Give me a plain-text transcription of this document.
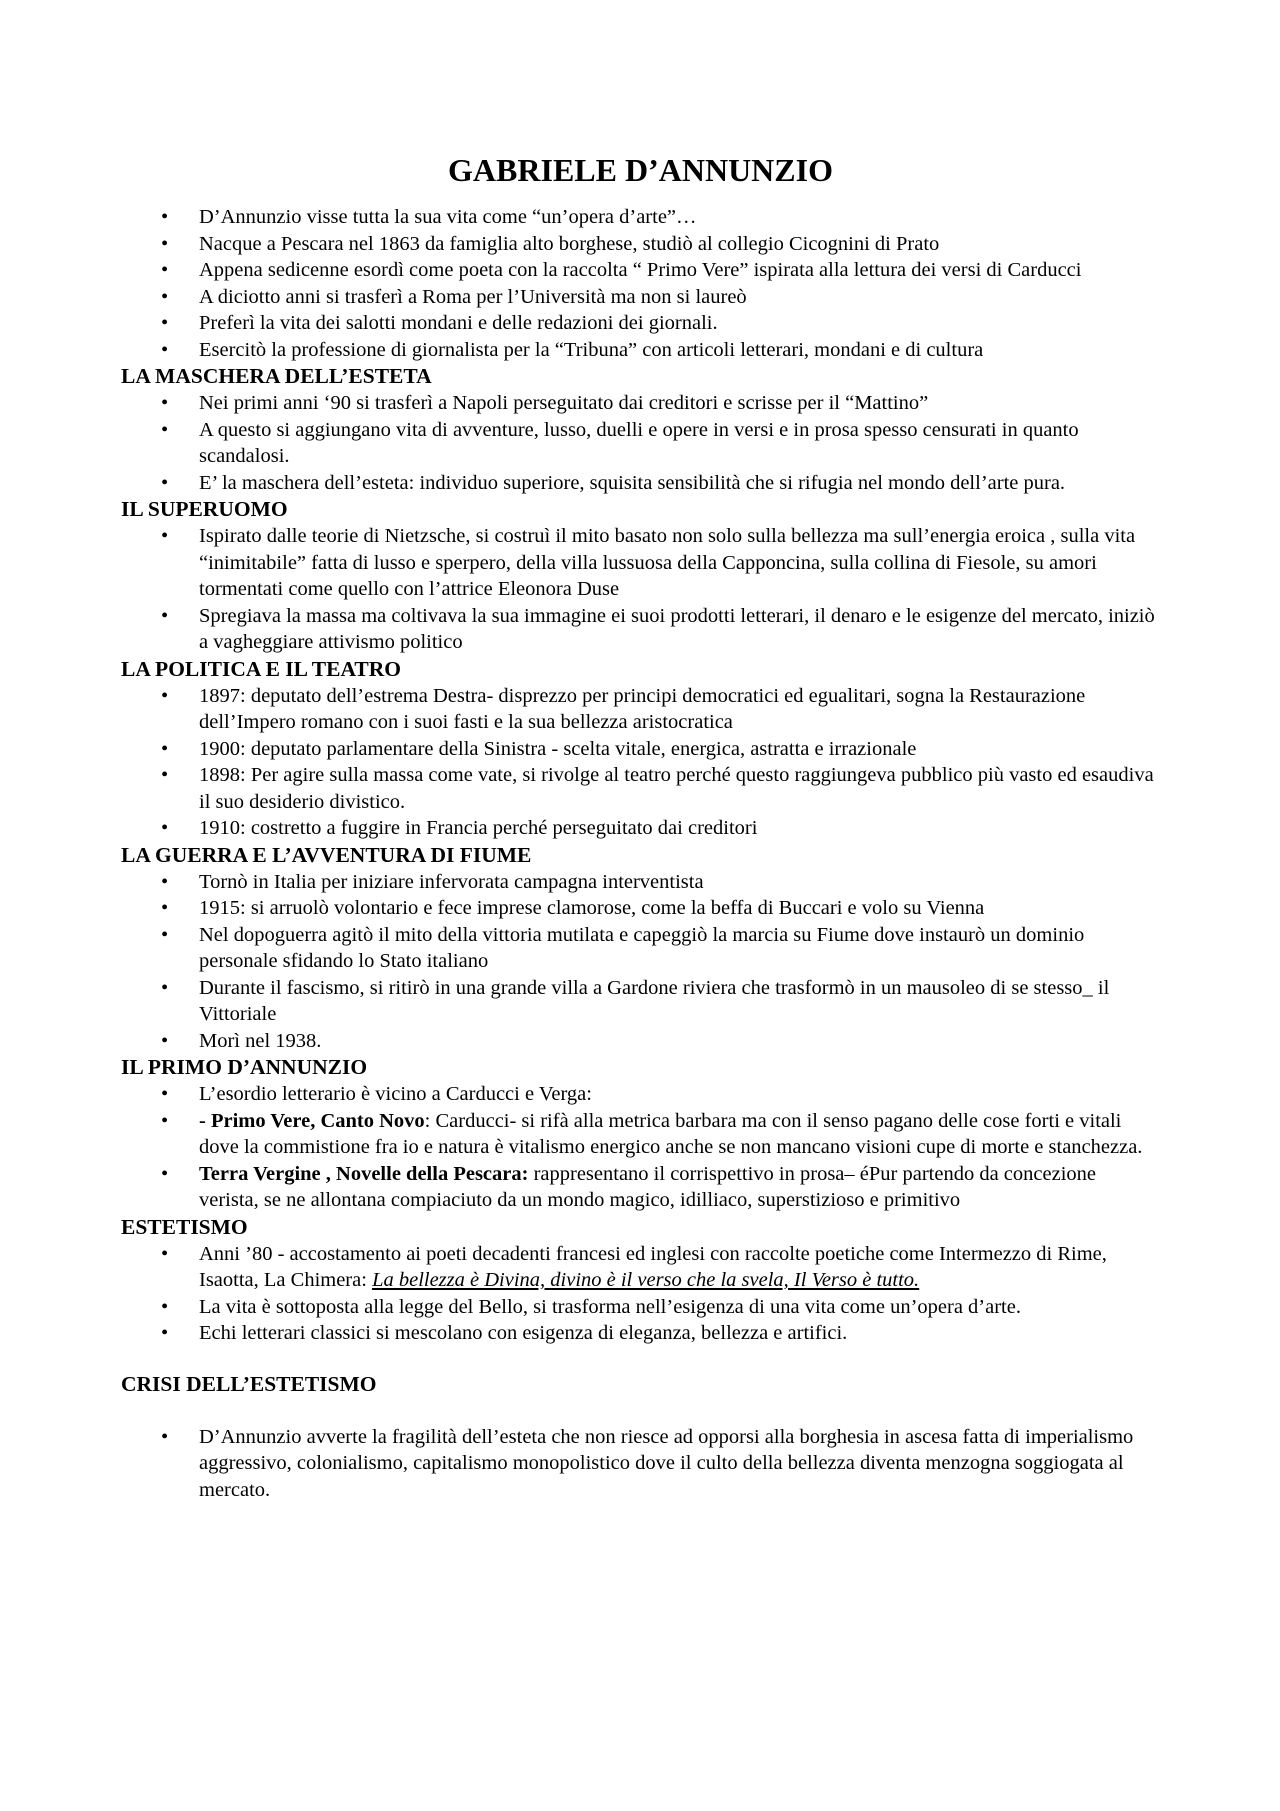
GABRIELE D’ANNUNZIO
• D’Annunzio visse tutta la sua vita come “un’opera d’arte”…
• Nacque a Pescara nel 1863 da famiglia alto borghese, studiò al collegio Cicognini di Prato
• Appena sedicenne esordì come poeta con la raccolta “ Primo Vere” ispirata alla lettura dei versi di Carducci
• A diciotto anni si trasferì a Roma per l’Università ma non si laureò
• Preferì la vita dei salotti mondani e delle redazioni dei giornali.
• Esercitò la professione di giornalista per la “Tribuna” con articoli letterari, mondani e di cultura
LA MASCHERA DELL’ESTETA
• Nei primi anni ‘90 si trasferì a Napoli perseguitato dai creditori e scrisse per il “Mattino”
• A questo si aggiungano vita di avventure, lusso, duelli e opere in versi e in prosa spesso censurati in quanto scandalosi.
• E’ la maschera dell’esteta: individuo superiore, squisita sensibilità che si rifugia nel mondo dell’arte pura.
IL SUPERUOMO
• Ispirato dalle teorie di Nietzsche, si costruì il mito basato non solo sulla bellezza ma sull’energia eroica , sulla vita “inimitabile” fatta di lusso e sperpero, della villa lussuosa della Capponcina, sulla collina di Fiesole, su amori tormentati come quello con l’attrice Eleonora Duse
• Spregiava la massa ma coltivava la sua immagine ei suoi prodotti letterari, il denaro e le esigenze del mercato, iniziò a vagheggiare attivismo politico
LA POLITICA E IL TEATRO
• 1897: deputato dell’estrema Destra- disprezzo per principi democratici ed egualitari, sogna la Restaurazione dell’Impero romano con i suoi fasti e la sua bellezza aristocratica
• 1900: deputato parlamentare della Sinistra - scelta vitale, energica, astratta e irrazionale
• 1898: Per agire sulla massa come vate, si rivolge al teatro perché questo raggiungeva pubblico più vasto ed esaudiva il suo desiderio divistico.
• 1910: costretto a fuggire in Francia perché perseguitato dai creditori
LA GUERRA E L’AVVENTURA DI FIUME
• Tornò in Italia per iniziare infervorata campagna interventista
• 1915: si arruolò volontario e fece imprese clamorose, come la beffa di Buccari e volo su Vienna
• Nel dopoguerra agitò il mito della vittoria mutilata e capeggiò la marcia su Fiume dove instaurò un dominio personale sfidando lo Stato italiano
• Durante il fascismo, si ritirò in una grande villa a Gardone riviera che trasformò in un mausoleo di se stesso_ il Vittoriale
• Morì nel 1938.
IL PRIMO D’ANNUNZIO
• L’esordio letterario è vicino a Carducci e Verga:
• - Primo Vere, Canto Novo: Carducci- si rifà alla metrica barbara ma con il senso pagano delle cose forti e vitali dove la commistione fra io e natura è vitalismo energico anche se non mancano visioni cupe di morte e stanchezza.
• Terra Vergine , Novelle della Pescara: rappresentano il corrispettivo in prosa– éPur partendo da concezione verista, se ne allontana compiaciuto da un mondo magico, idilliaco, superstizioso e primitivo
ESTETISMO
• Anni ’80 - accostamento ai poeti decadenti francesi ed inglesi con raccolte poetiche come Intermezzo di Rime, Isaotta, La Chimera: La bellezza è Divina, divino è il verso che la svela, Il Verso è tutto.
• La vita è sottoposta alla legge del Bello, si trasforma nell’esigenza di una vita come un’opera d’arte.
• Echi letterari classici si mescolano con esigenza di eleganza, bellezza e artifici.
CRISI DELL’ESTETISMO
• D’Annunzio avverte la fragilità dell’esteta che non riesce ad opporsi alla borghesia in ascesa fatta di imperialismo aggressivo, colonialismo, capitalismo monopolistico dove il culto della bellezza diventa menzogna soggiogata al mercato.
